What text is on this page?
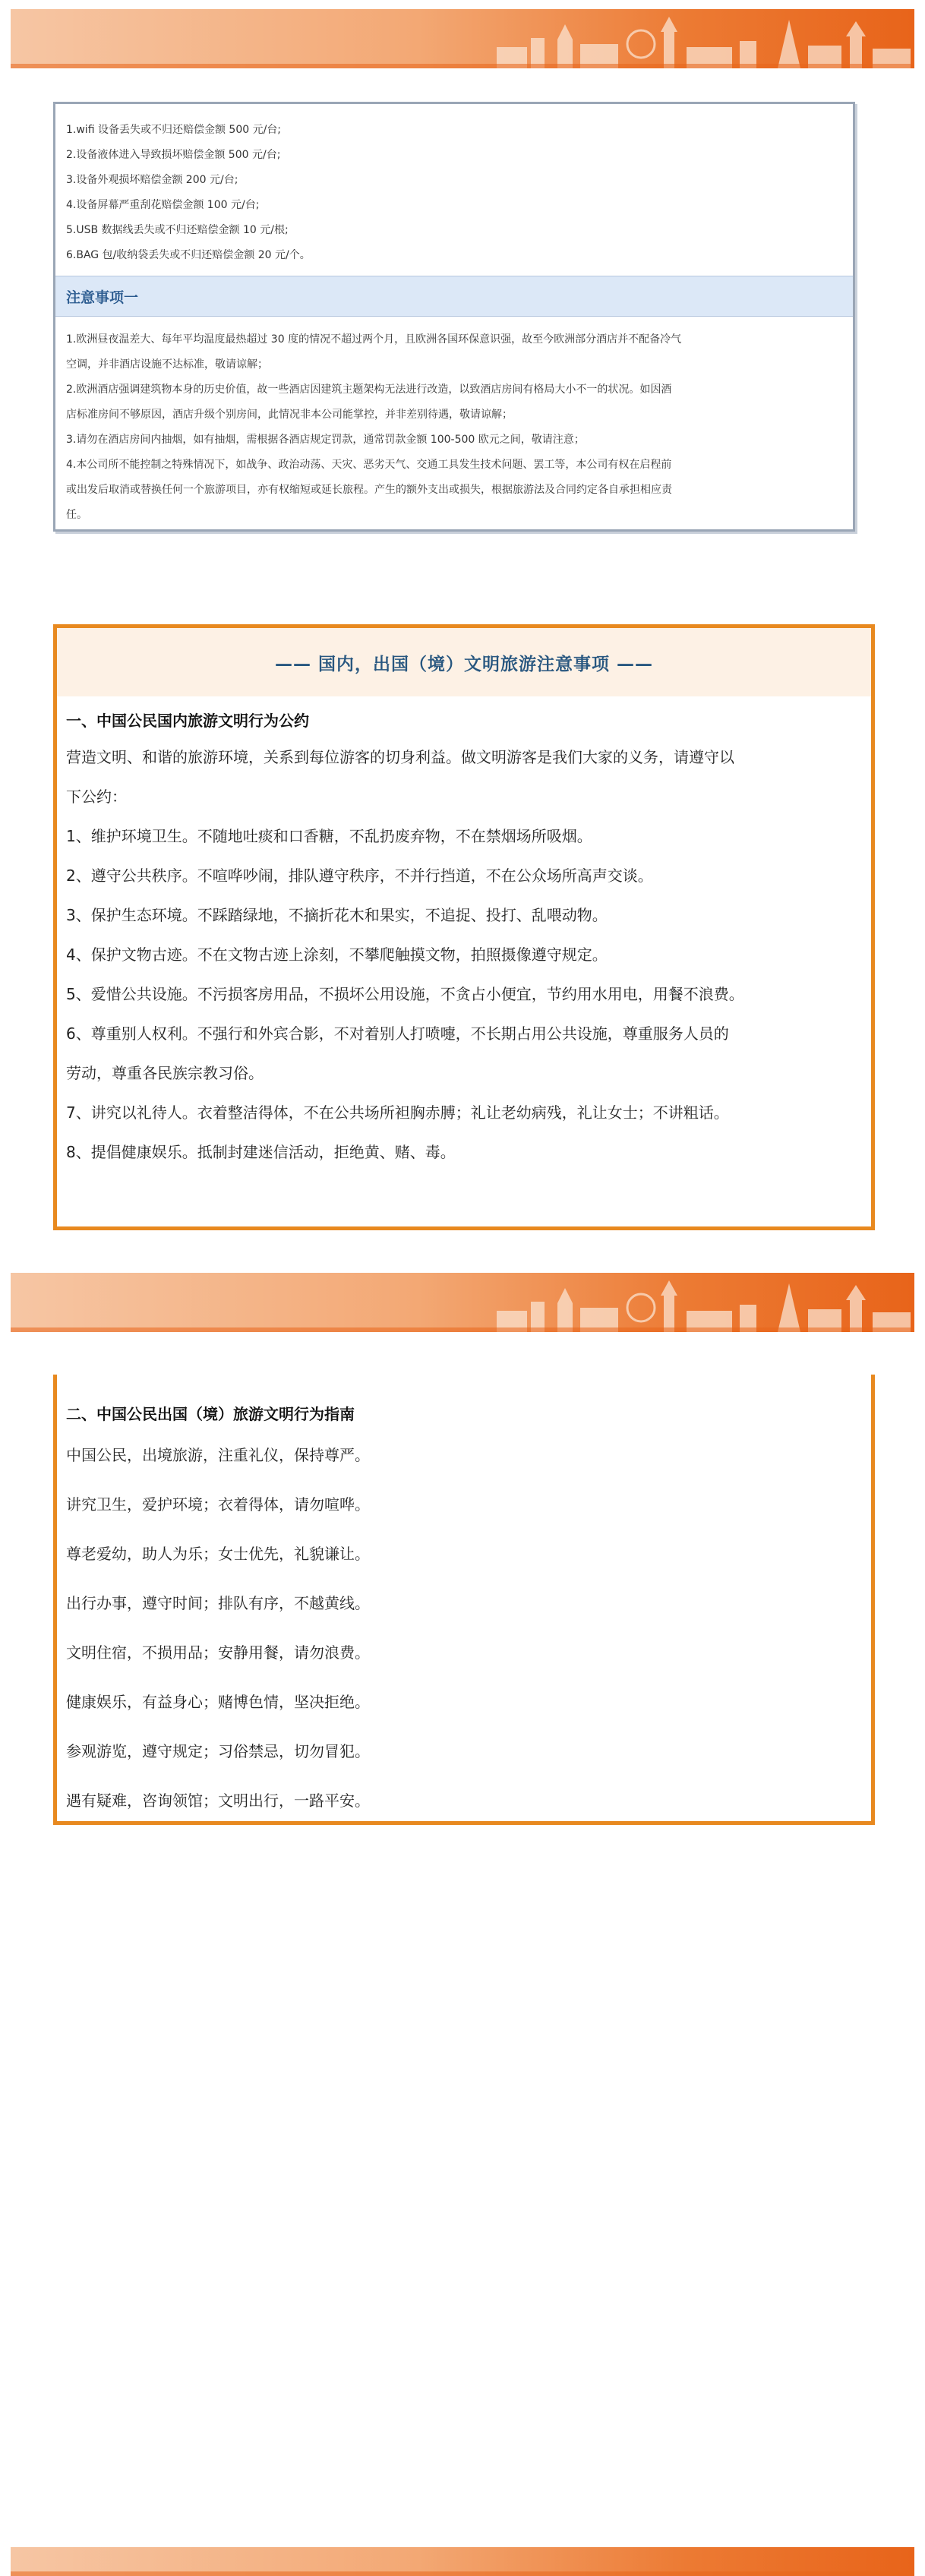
1.wifi 设备丢失或不归还赔偿金额 500 元/台;
2.设备液体进入导致损坏赔偿金额 500 元/台;
3.设备外观损坏赔偿金额 200 元/台;
4.设备屏幕严重刮花赔偿金额 100 元/台;
5.USB 数据线丢失或不归还赔偿金额 10 元/根;
6.BAG 包/收纳袋丢失或不归还赔偿金额 20 元/个。
注意事项一

1.欧洲昼夜温差大、每年平均温度最热超过 30 度的情况不超过两个月，且欧洲各国环保意识强，故至今欧洲部分酒店并不配备冷气

空调，并非酒店设施不达标准，敬请谅解；

2.欧洲酒店强调建筑物本身的历史价值，故一些酒店因建筑主题架构无法进行改造，以致酒店房间有格局大小不一的状况。如因酒

店标准房间不够原因，酒店升级个别房间，此情况非本公司能掌控，并非差别待遇，敬请谅解；

3.请勿在酒店房间内抽烟，如有抽烟，需根据各酒店规定罚款，通常罚款金额 100-500 欧元之间，敬请注意；

4.本公司所不能控制之特殊情况下，如战争、政治动荡、天灾、恶劣天气、交通工具发生技术问题、罢工等，本公司有权在启程前

或出发后取消或替换任何一个旅游项目，亦有权缩短或延长旅程。产生的额外支出或损失，根据旅游法及合同约定各自承担相应责

任。

—— 国内，出国（境）文明旅游注意事项 ——
一、中国公民国内旅游文明行为公约

营造文明、和谐的旅游环境，关系到每位游客的切身利益。做文明游客是我们大家的义务，请遵守以

下公约：

1、维护环境卫生。不随地吐痰和口香糖，不乱扔废弃物，不在禁烟场所吸烟。

2、遵守公共秩序。不喧哗吵闹，排队遵守秩序，不并行挡道，不在公众场所高声交谈。

3、保护生态环境。不踩踏绿地，不摘折花木和果实，不追捉、投打、乱喂动物。

4、保护文物古迹。不在文物古迹上涂刻，不攀爬触摸文物，拍照摄像遵守规定。

5、爱惜公共设施。不污损客房用品，不损坏公用设施，不贪占小便宜，节约用水用电，用餐不浪费。

6、尊重别人权利。不强行和外宾合影，不对着别人打喷嚏，不长期占用公共设施，尊重服务人员的

劳动，尊重各民族宗教习俗。

7、讲究以礼待人。衣着整洁得体，不在公共场所袒胸赤膊；礼让老幼病残，礼让女士；不讲粗话。

8、提倡健康娱乐。抵制封建迷信活动，拒绝黄、赌、毒。

二、中国公民出国（境）旅游文明行为指南

中国公民，出境旅游，注重礼仪，保持尊严。

讲究卫生，爱护环境；衣着得体，请勿喧哗。

尊老爱幼，助人为乐；女士优先，礼貌谦让。

出行办事，遵守时间；排队有序，不越黄线。

文明住宿，不损用品；安静用餐，请勿浪费。

健康娱乐，有益身心；赌博色情，坚决拒绝。

参观游览，遵守规定；习俗禁忌，切勿冒犯。

遇有疑难，咨询领馆；文明出行，一路平安。
